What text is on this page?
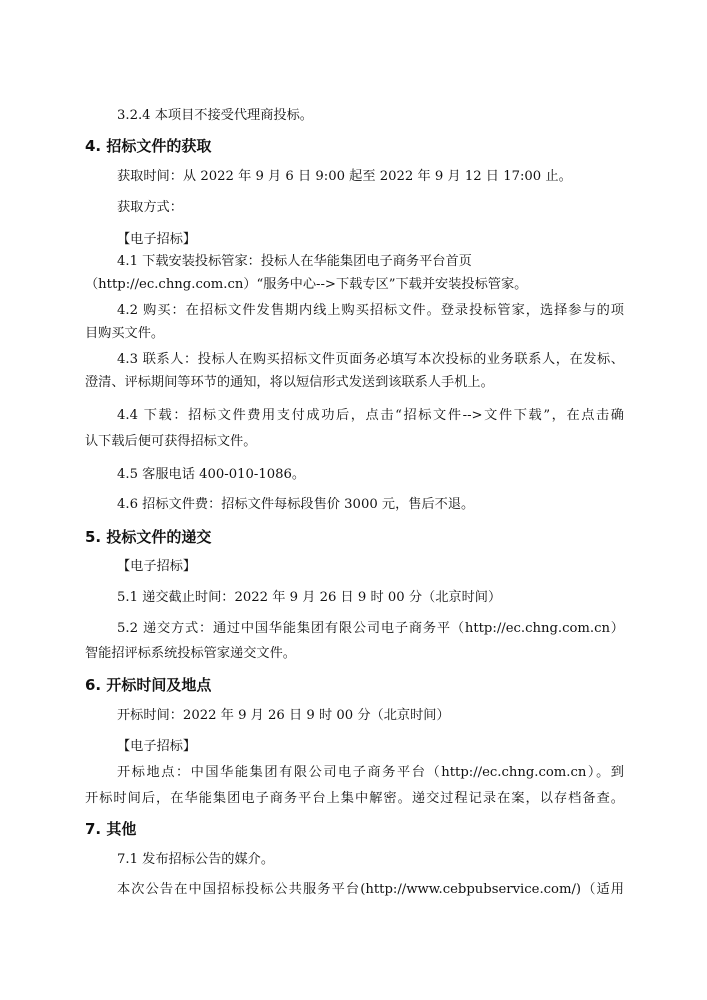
3.2.4 本项目不接受代理商投标。
4. 招标文件的获取
获取时间：从 2022 年 9 月 6 日 9:00 起至 2022 年 9 月 12 日 17:00 止。
获取方式：
【电子招标】
4.1 下载安装投标管家：投标人在华能集团电子商务平台首页
（http://ec.chng.com.cn）“服务中心-->下载专区”下载并安装投标管家。
4.2 购买：在招标文件发售期内线上购买招标文件。登录投标管家，选择参与的项
目购买文件。
4.3 联系人：投标人在购买招标文件页面务必填写本次投标的业务联系人，在发标、
澄清、评标期间等环节的通知，将以短信形式发送到该联系人手机上。
4.4 下载：招标文件费用支付成功后，点击“招标文件-->文件下载”，在点击确
认下载后便可获得招标文件。
4.5 客服电话 400-010-1086。
4.6 招标文件费：招标文件每标段售价 3000 元，售后不退。
5. 投标文件的递交
【电子招标】
5.1 递交截止时间：2022 年 9 月 26 日 9 时 00 分（北京时间）
5.2 递交方式：通过中国华能集团有限公司电子商务平（http://ec.chng.com.cn）
智能招评标系统投标管家递交文件。
6. 开标时间及地点
开标时间：2022 年 9 月 26 日 9 时 00 分（北京时间）
【电子招标】
开标地点：中国华能集团有限公司电子商务平台（http://ec.chng.com.cn）。到
开标时间后，在华能集团电子商务平台上集中解密。递交过程记录在案，以存档备查。
7. 其他
7.1 发布招标公告的媒介。
本次公告在中国招标投标公共服务平台(http://www.cebpubservice.com/)（适用
